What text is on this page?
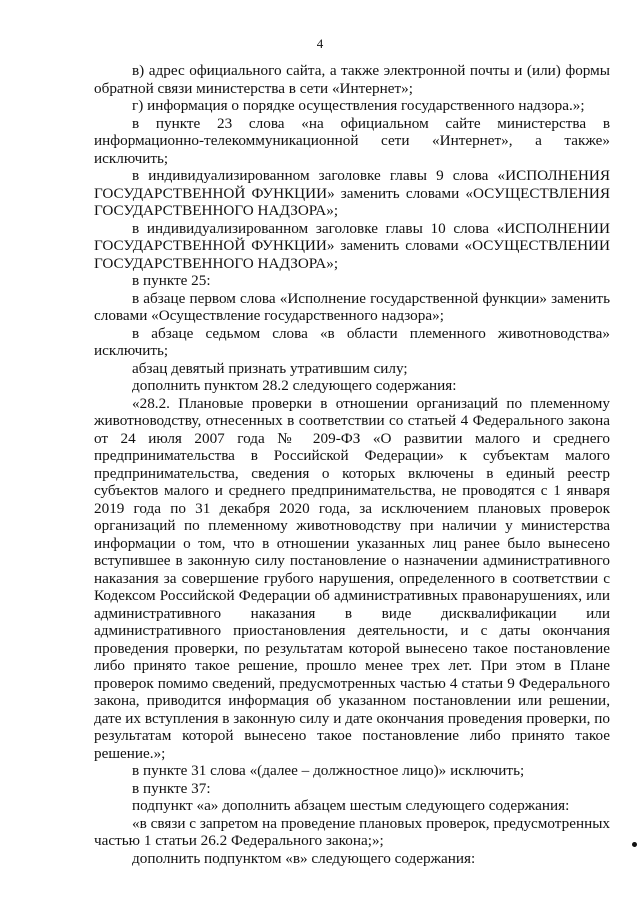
4

в) адрес официального сайта, а также электронной почты и (или) формы обратной связи министерства в сети «Интернет»;

г) информация о порядке осуществления государственного надзора.»;

в пункте 23 слова «на официальном сайте министерства в информационно-телекоммуникационной сети «Интернет», а также» исключить;

в индивидуализированном заголовке главы 9 слова «ИСПОЛНЕНИЯ ГОСУДАРСТВЕННОЙ ФУНКЦИИ» заменить словами «ОСУЩЕСТВЛЕНИЯ ГОСУДАРСТВЕННОГО НАДЗОРА»;

в индивидуализированном заголовке главы 10 слова «ИСПОЛНЕНИИ ГОСУДАРСТВЕННОЙ ФУНКЦИИ» заменить словами «ОСУЩЕСТВЛЕНИИ ГОСУДАРСТВЕННОГО НАДЗОРА»;

в пункте 25:

в абзаце первом слова «Исполнение государственной функции» заменить словами «Осуществление государственного надзора»;

в абзаце седьмом слова «в области племенного животноводства» исключить;

абзац девятый признать утратившим силу;

дополнить пунктом 28.2 следующего содержания:

«28.2. Плановые проверки в отношении организаций по племенному животноводству, отнесенных в соответствии со статьей 4 Федерального закона от 24 июля 2007 года № 209-ФЗ «О развитии малого и среднего предпринимательства в Российской Федерации» к субъектам малого предпринимательства, сведения о которых включены в единый реестр субъектов малого и среднего предпринимательства, не проводятся с 1 января 2019 года по 31 декабря 2020 года, за исключением плановых проверок организаций по племенному животноводству при наличии у министерства информации о том, что в отношении указанных лиц ранее было вынесено вступившее в законную силу постановление о назначении административного наказания за совершение грубого нарушения, определенного в соответствии с Кодексом Российской Федерации об административных правонарушениях, или административного наказания в виде дисквалификации или административного приостановления деятельности, и с даты окончания проведения проверки, по результатам которой вынесено такое постановление либо принято такое решение, прошло менее трех лет. При этом в Плане проверок помимо сведений, предусмотренных частью 4 статьи 9 Федерального закона, приводится информация об указанном постановлении или решении, дате их вступления в законную силу и дате окончания проведения проверки, по результатам которой вынесено такое постановление либо принято такое решение.»;

в пункте 31 слова «(далее – должностное лицо)» исключить;

в пункте 37:

подпункт «а» дополнить абзацем шестым следующего содержания:

«в связи с запретом на проведение плановых проверок, предусмотренных частью 1 статьи 26.2 Федерального закона;»;

дополнить подпунктом «в» следующего содержания:
